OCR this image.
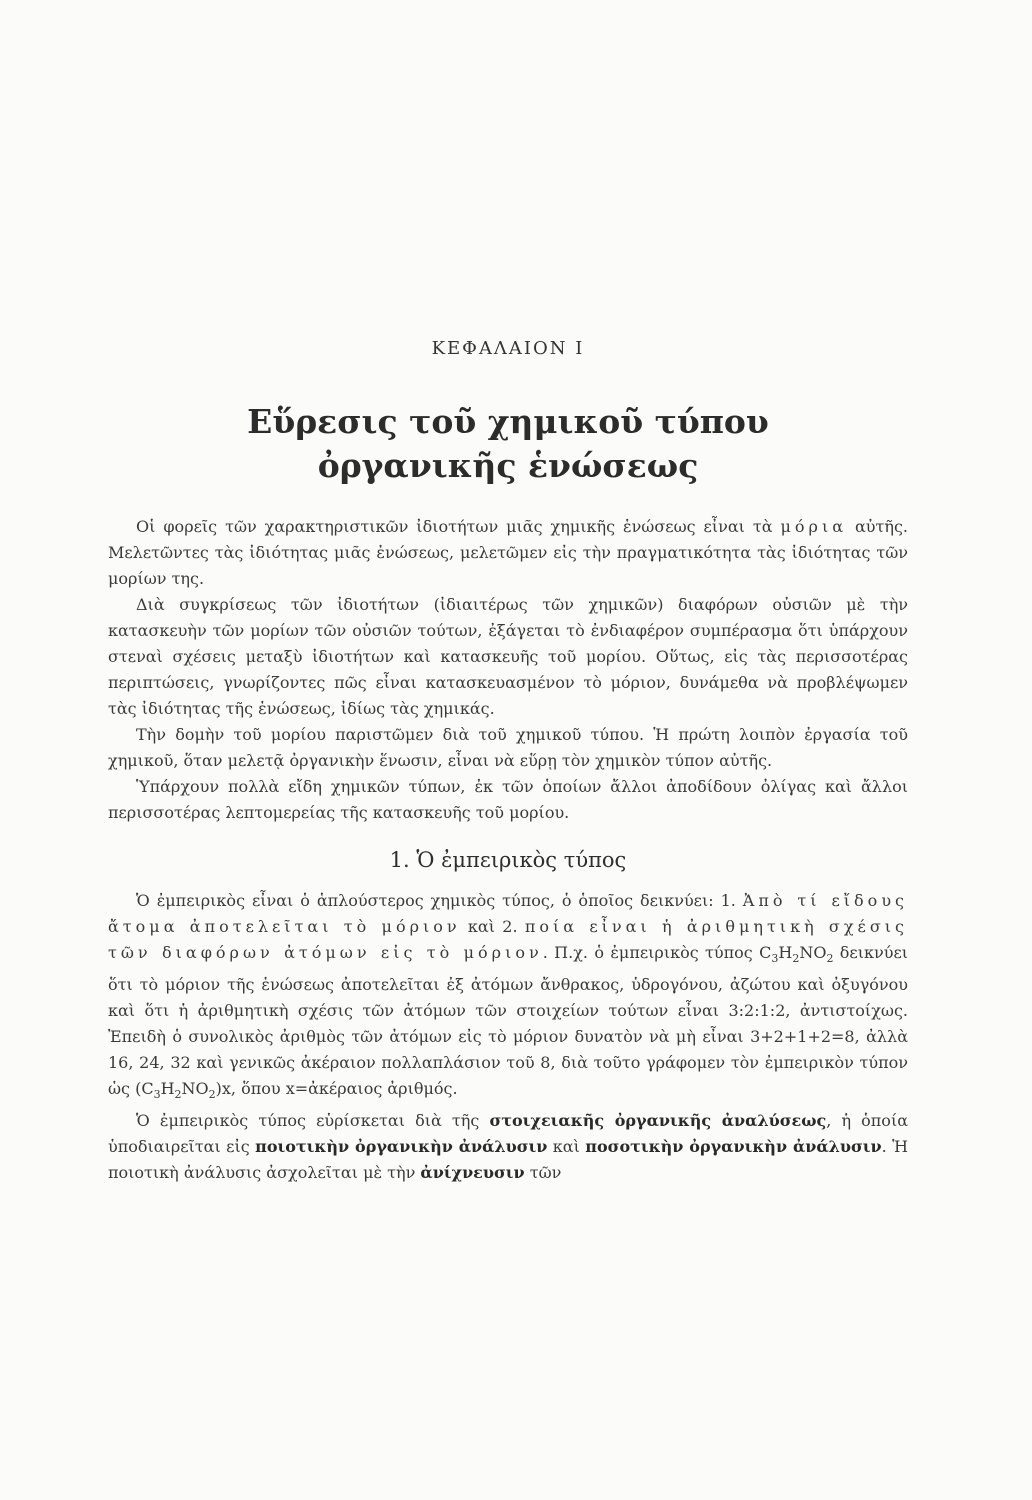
ΚΕΦΑΛΑΙΟΝ Ι
Εὕρεσις τοῦ χημικοῦ τύπου
ὀργανικῆς ἑνώσεως

Οἱ φορεῖς τῶν χαρακτηριστικῶν ἰδιοτήτων μιᾶς χημικῆς ἑνώσεως εἶναι τὰ μόρια αὐτῆς. Μελετῶντες τὰς ἰδιότητας μιᾶς ἑνώσεως, μελετῶμεν εἰς τὴν πραγματικότητα τὰς ἰδιότητας τῶν μορίων της.

Διὰ συγκρίσεως τῶν ἰδιοτήτων (ἰδιαιτέρως τῶν χημικῶν) διαφόρων οὐσιῶν μὲ τὴν κατασκευὴν τῶν μορίων τῶν οὐσιῶν τούτων, ἐξάγεται τὸ ἐνδιαφέρον συμπέρασμα ὅτι ὑπάρχουν στεναὶ σχέσεις μεταξὺ ἰδιοτήτων καὶ κατασκευῆς τοῦ μορίου. Οὕτως, εἰς τὰς περισσοτέρας περιπτώσεις, γνωρίζοντες πῶς εἶναι κατασκευασμένον τὸ μόριον, δυνάμεθα νὰ προβλέψωμεν τὰς ἰδιότητας τῆς ἑνώσεως, ἰδίως τὰς χημικάς.

Τὴν δομὴν τοῦ μορίου παριστῶμεν διὰ τοῦ χημικοῦ τύπου. Ἡ πρώτη λοιπὸν ἐργασία τοῦ χημικοῦ, ὅταν μελετᾷ ὀργανικὴν ἕνωσιν, εἶναι νὰ εὕρῃ τὸν χημικὸν τύπον αὐτῆς.

Ὑπάρχουν πολλὰ εἴδη χημικῶν τύπων, ἐκ τῶν ὁποίων ἄλλοι ἀποδίδουν ὀλίγας καὶ ἄλλοι περισσοτέρας λεπτομερείας τῆς κατασκευῆς τοῦ μορίου.

1. Ὁ ἐμπειρικὸς τύπος

Ὁ ἐμπειρικὸς εἶναι ὁ ἁπλούστερος χημικὸς τύπος, ὁ ὁποῖος δεικνύει: 1. Ἀπὸ τί εἴδους ἄτομα ἀποτελεῖται τὸ μόριον καὶ 2. ποία εἶναι ἡ ἀριθμητικὴ σχέσις τῶν διαφόρων ἀτόμων εἰς τὸ μόριον. Π.χ. ὁ ἐμπειρικὸς τύπος $C_3H_2NO_2$ δεικνύει ὅτι τὸ μόριον τῆς ἑνώσεως ἀποτελεῖται ἐξ ἀτόμων ἄνθρακος, ὑδρογόνου, ἀζώτου καὶ ὀξυγόνου καὶ ὅτι ἡ ἀριθμητικὴ σχέσις τῶν ἀτόμων τῶν στοιχείων τούτων εἶναι 3:2:1:2, ἀντιστοίχως. Ἐπειδὴ ὁ συνολικὸς ἀριθμὸς τῶν ἀτόμων εἰς τὸ μόριον δυνατὸν νὰ μὴ εἶναι 3+2+1+2=8, ἀλλὰ 16, 24, 32 καὶ γενικῶς ἀκέραιον πολλαπλάσιον τοῦ 8, διὰ τοῦτο γράφομεν τὸν ἐμπειρικὸν τύπον ὡς $(C_3H_2NO_2)x$, ὅπου x=ἀκέραιος ἀριθμός.

Ὁ ἐμπειρικὸς τύπος εὑρίσκεται διὰ τῆς στοιχειακῆς ὀργανικῆς ἀναλύσεως, ἡ ὁποία ὑποδιαιρεῖται εἰς ποιοτικὴν ὀργανικὴν ἀνάλυσιν καὶ ποσοτικὴν ὀργανικὴν ἀνάλυσιν. Ἡ ποιοτικὴ ἀνάλυσις ἀσχολεῖται μὲ τὴν ἀνίχνευσιν τῶν
